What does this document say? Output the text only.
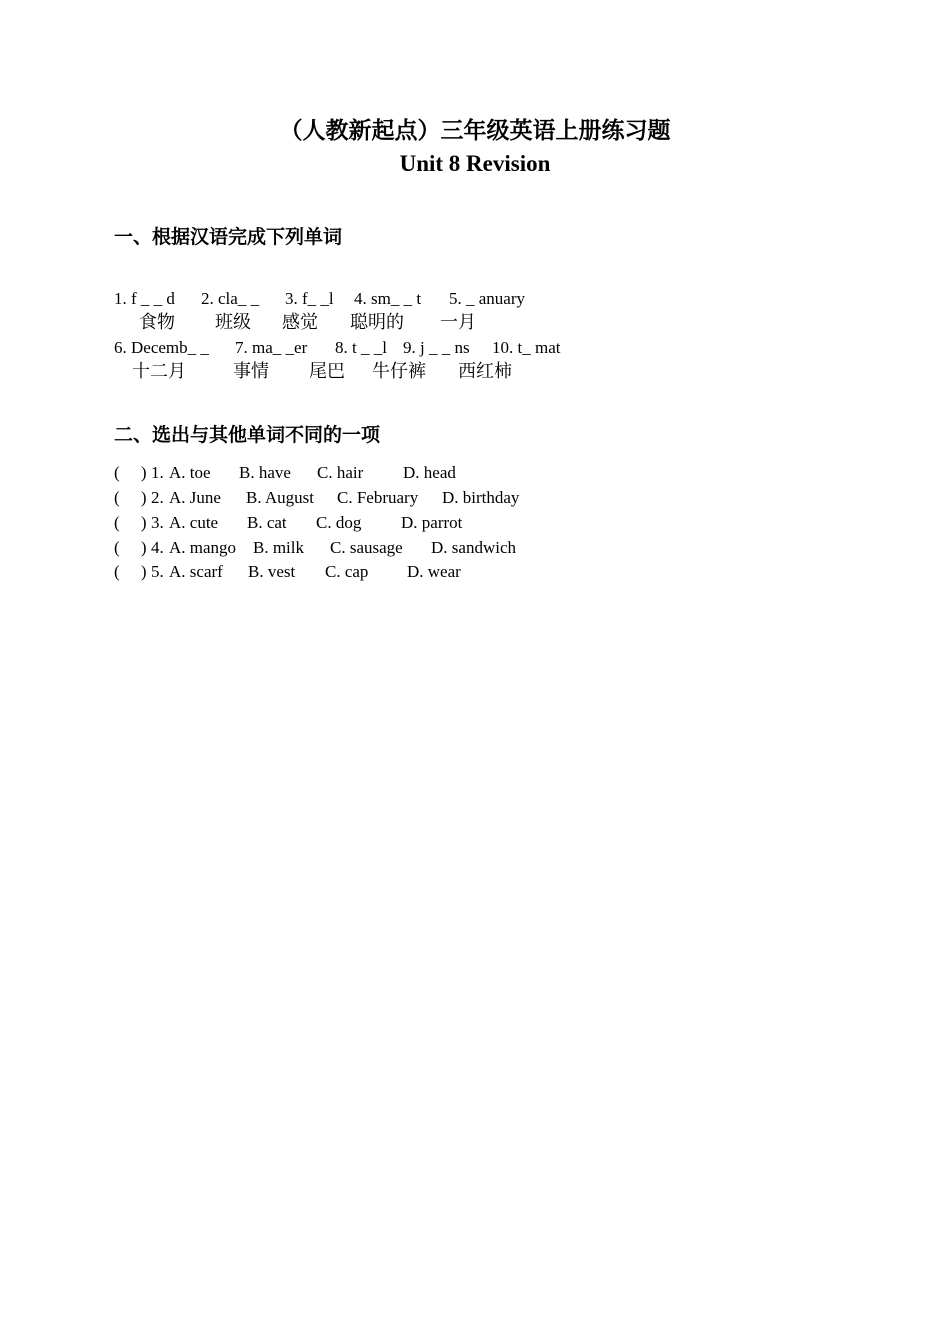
（人教新起点）三年级英语上册练习题
Unit 8 Revision
一、根据汉语完成下列单词
1. f _ _ d 2. cla_ _ 3. f_ _l 4. sm_ _ t 5. _ anuary
食物 班级 感觉 聪明的 一月
6. Decemb_ _ 7. ma_ _er 8. t _ _l 9. j _ _ ns 10. t_ mat
十二月	事情 尾巴 牛仔裤 西红柿
二、选出与其他单词不同的一项
(     ) 1. A. toe B. have C. hair D. head
(     ) 2. A. June B. August C. February D. birthday
(     ) 3. A. cute B. cat C. dog D. parrot
(     ) 4. A. mango B. milk C. sausage D. sandwich
(     ) 5. A. scarf B. vest C. cap D. wear
